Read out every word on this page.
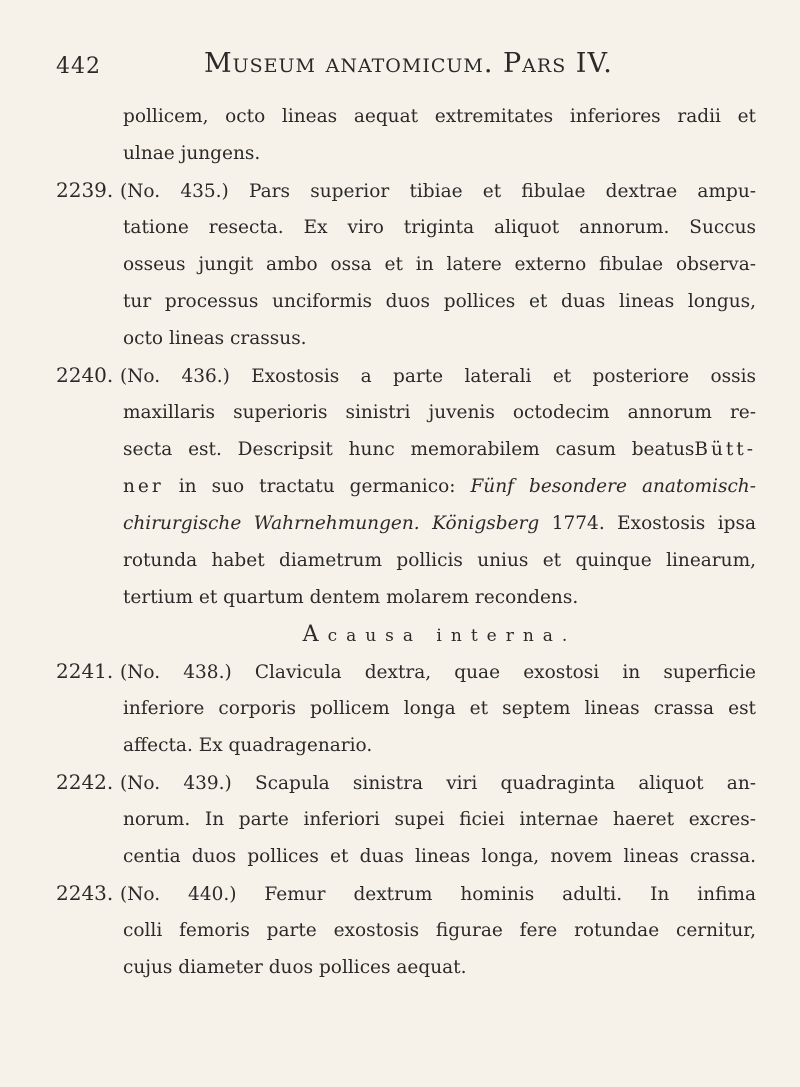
442	Museum anatomicum. Pars IV.
pollicem, octo lineas aequat extremitates inferiores radii et
ulnae jungens.
2239. (No. 435.) Pars superior tibiae et fibulae dextrae ampu-
tatione resecta. Ex viro triginta aliquot annorum. Succus
osseus jungit ambo ossa et in latere externo fibulae observa-
tur processus unciformis duos pollices et duas lineas longus,
octo lineas crassus.
2240. (No. 436.) Exostosis a parte laterali et posteriore ossis
maxillaris superioris sinistri juvenis octodecim annorum re-
secta est. Descripsit hunc memorabilem casum beatusBütt-
ner in suo tractatu germanico: Fünf besondere anatomisch-
chirurgische Wahrnehmungen. Königsberg 1774. Exostosis ipsa
rotunda habet diametrum pollicis unius et quinque linearum,
tertium et quartum dentem molarem recondens.
Acausa interna.
2241. (No. 438.) Clavicula dextra, quae exostosi in superficie
inferiore corporis pollicem longa et septem lineas crassa est
affecta. Ex quadragenario.
2242. (No. 439.) Scapula sinistra viri quadraginta aliquot an-
norum. In parte inferiori supei ficiei internae haeret excres-
centia duos pollices et duas lineas longa, novem lineas crassa.
2243. (No. 440.) Femur dextrum hominis adulti. In infima
colli femoris parte exostosis figurae fere rotundae cernitur,
cujus diameter duos pollices aequat.
